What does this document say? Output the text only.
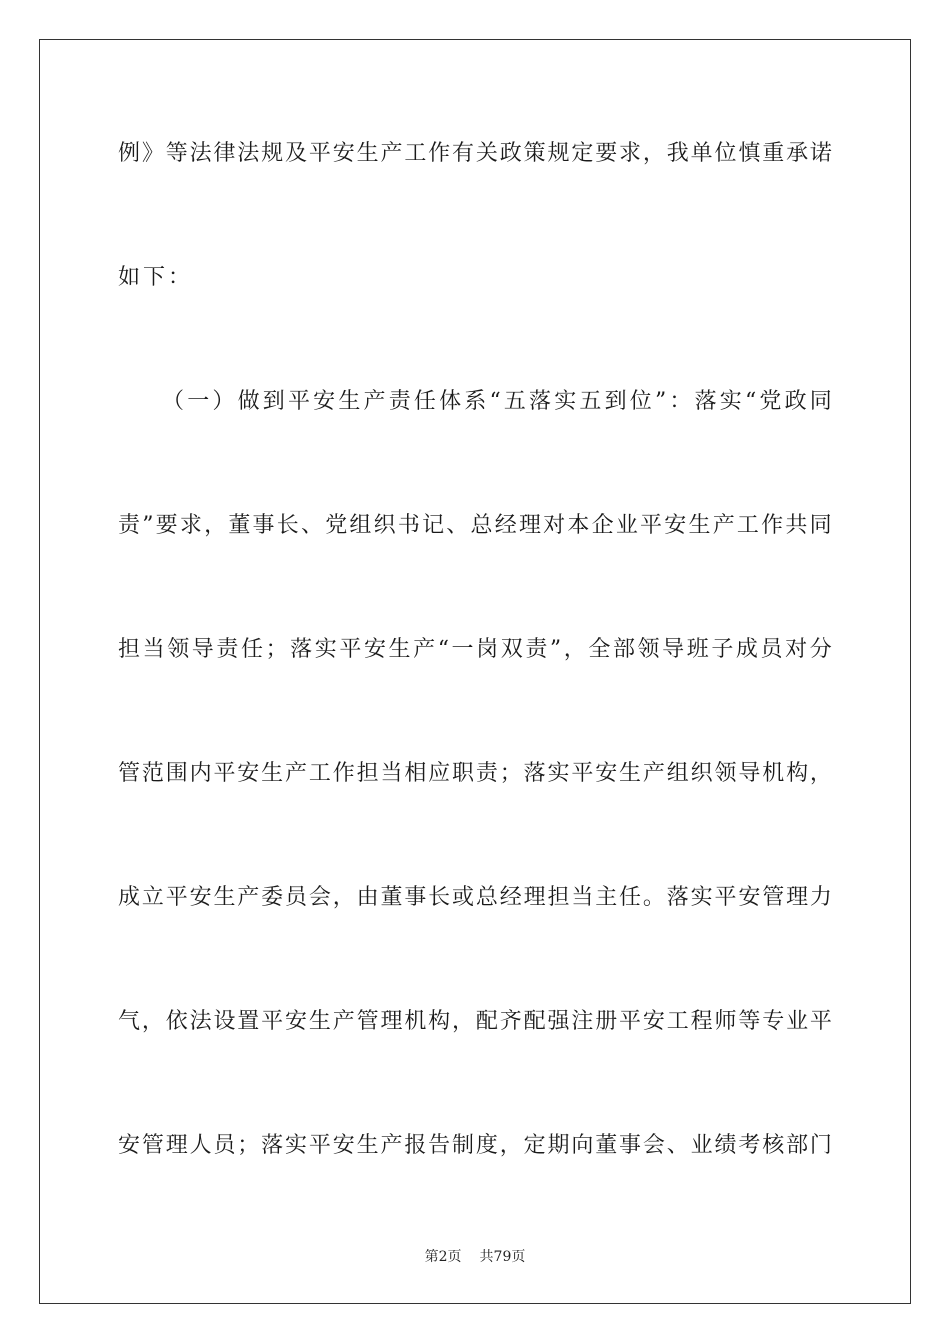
例 》 等 法 律 法 规 及 平 安 生 产 工 作 有 关 政 策 规 定 要 求 ， 我 单 位 慎 重 承 诺
如下：
（ 一 ） 做 到 平 安 生 产 责 任 体 系 “ 五 落 实 五 到 位 ” ： 落 实 “ 党 政 同
责 ” 要 求 ， 董 事 长 、 党 组 织 书 记 、 总 经 理 对 本 企 业 平 安 生 产 工 作 共 同
担 当 领 导 责 任 ； 落 实 平 安 生 产 “ 一 岗 双 责 ” ， 全 部 领 导 班 子 成 员 对 分
管 范 围 内 平 安 生 产 工 作 担 当 相 应 职 责 ； 落 实 平 安 生 产 组 织 领 导 机 构 ，
成 立 平 安 生 产 委 员 会 ， 由 董 事 长 或 总 经 理 担 当 主 任 。 落 实 平 安 管 理 力
气 ， 依 法 设 置 平 安 生 产 管 理 机 构 ， 配 齐 配 强 注 册 平 安 工 程 师 等 专 业 平
安 管 理 人 员 ； 落 实 平 安 生 产 报 告 制 度 ， 定 期 向 董 事 会 、 业 绩 考 核 部 门
第2页 共79页
